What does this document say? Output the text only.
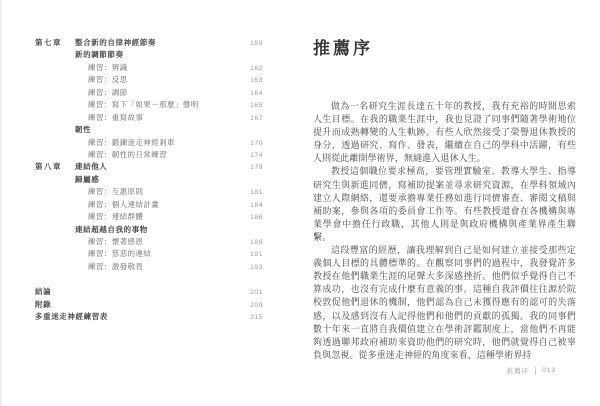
第七章	整合新的自律神經節奏	159
新的調節節奏
練習：辨識	162
練習：反思	163
練習：調節	164
練習：寫下「如果－那麼」聲明	165
練習：重寫故事	167
韌性
練習：鍛鍊迷走神經剎車	170
練習：韌性的日常練習	174
第八章	連結他人	179
歸屬感
練習：互惠原則	181
練習：個人連結計畫	184
練習：連結群體	186
連結超越自我的事物
練習：懷著感恩	189
練習：慈悲的連結	191
練習：激發敬畏	193
結論	201
附錄	209
多重迷走神經練習表	215
推薦序

做為一名研究生涯長達五十年的教授，我有充裕的時間思索人生目標。在我的職業生涯中，我也見證了同事們隨著學術地位提升而成熟轉變的人生軌跡。有些人欣然接受了榮譽退休教授的身分，透過研究、寫作、發表，繼續在自己的學科中活躍，有些人則從此離開學術界，無縫進入退休人生。

教授這個職位要求極高，要管理實驗室、教導大學生、指導研究生與新進同儕，寫補助提案並尋求研究資源，在學科領域內建立人際網絡，還要承擔專業任務如進行同儕審查、審閱文稿與補助案，參與各項的委員會工作等。有些教授還會在各機構與專業學會中擔任行政職，其他人則是與政府機構與產業界產生聯繫。

這段豐富的經歷，讓我理解到自己是如何建立並接受那些定義個人目標的具體標準的。在觀察同事們的過程中，我發覺許多教授在他們職業生涯的尾聲大多深感挫折。他們似乎覺得自己不算成功，也沒有完成什麼有意義的事。這種自我評價往往源於院校敦促他們退休的機制，他們認為自己未獲得應有的認可的失落感，以及感到沒有人記得他們和他們的貢獻的孤獨。我的同事們數十年來一直將自我價值建立在學術評鑑制度上，當他們不再能夠透過聯邦政府補助來資助他們的研究時，他們就覺得自己被辜負與忽視。從多重迷走神經的角度來看，這種學術界持

推薦序 013
